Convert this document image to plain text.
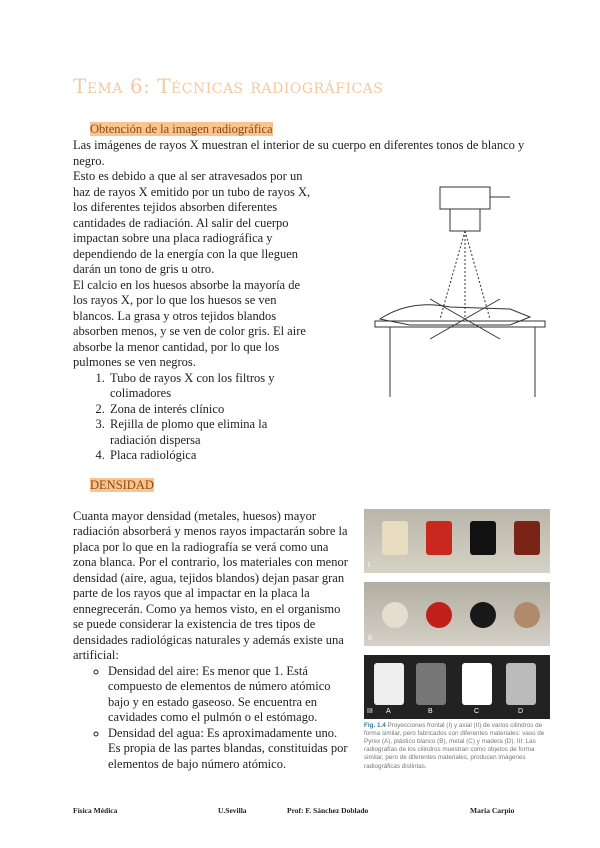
Tema 6: Técnicas radiográficas
Obtención de la imagen radiográfica

Las imágenes de rayos X muestran el interior de su cuerpo en diferentes tonos de blanco y negro.

Esto es debido a que al ser atravesados por un haz de rayos X emitido por un tubo de rayos X, los diferentes tejidos absorben diferentes cantidades de radiación. Al salir del cuerpo impactan sobre una placa radiográfica y dependiendo de la energía con la que lleguen darán un tono de gris u otro.

El calcio en los huesos absorbe la mayoría de los rayos X, por lo que los huesos se ven blancos. La grasa y otros tejidos blandos absorben menos, y se ven de color gris. El aire absorbe la menor cantidad, por lo que los pulmones se ven negros.

1. Tubo de rayos X con los filtros y colimadores
2. Zona de interés clínico
3. Rejilla de plomo que elimina la radiación dispersa
4. Placa radiológica
DENSIDAD
I
II
III A	B	C	D
Fig. 1.4 Proyecciones frontal (I) y axial (II) de varios cilindros de forma similar, pero fabricados con diferentes materiales: vaso de Pyrex (A), plástico blanco (B), metal (C) y madera (D). III: Las radiografías de los cilindros muestran como objetos de forma similar, pero de diferentes materiales, producen imágenes radiográficas distintas.

Cuanta mayor densidad (metales, huesos) mayor radiación absorberá y menos rayos impactarán sobre la placa por lo que en la radiografía se verá como una zona blanca. Por el contrario, los materiales con menor densidad (aire, agua, tejidos blandos) dejan pasar gran parte de los rayos que al impactar en la placa la ennegrecerán. Como ya hemos visto, en el organismo se puede considerar la existencia de tres tipos de densidades radiológicas naturales y además existe una artificial:

◦ Densidad del aire: Es menor que 1. Está compuesto de elementos de número atómico bajo y en estado gaseoso. Se encuentra en cavidades como el pulmón o el estómago.
◦ Densidad del agua: Es aproximadamente uno. Es propia de las partes blandas, constituidas por elementos de bajo número atómico.
Física Médica	U.Sevilla	Prof: F. Sánchez Doblado	Maria Carpio
